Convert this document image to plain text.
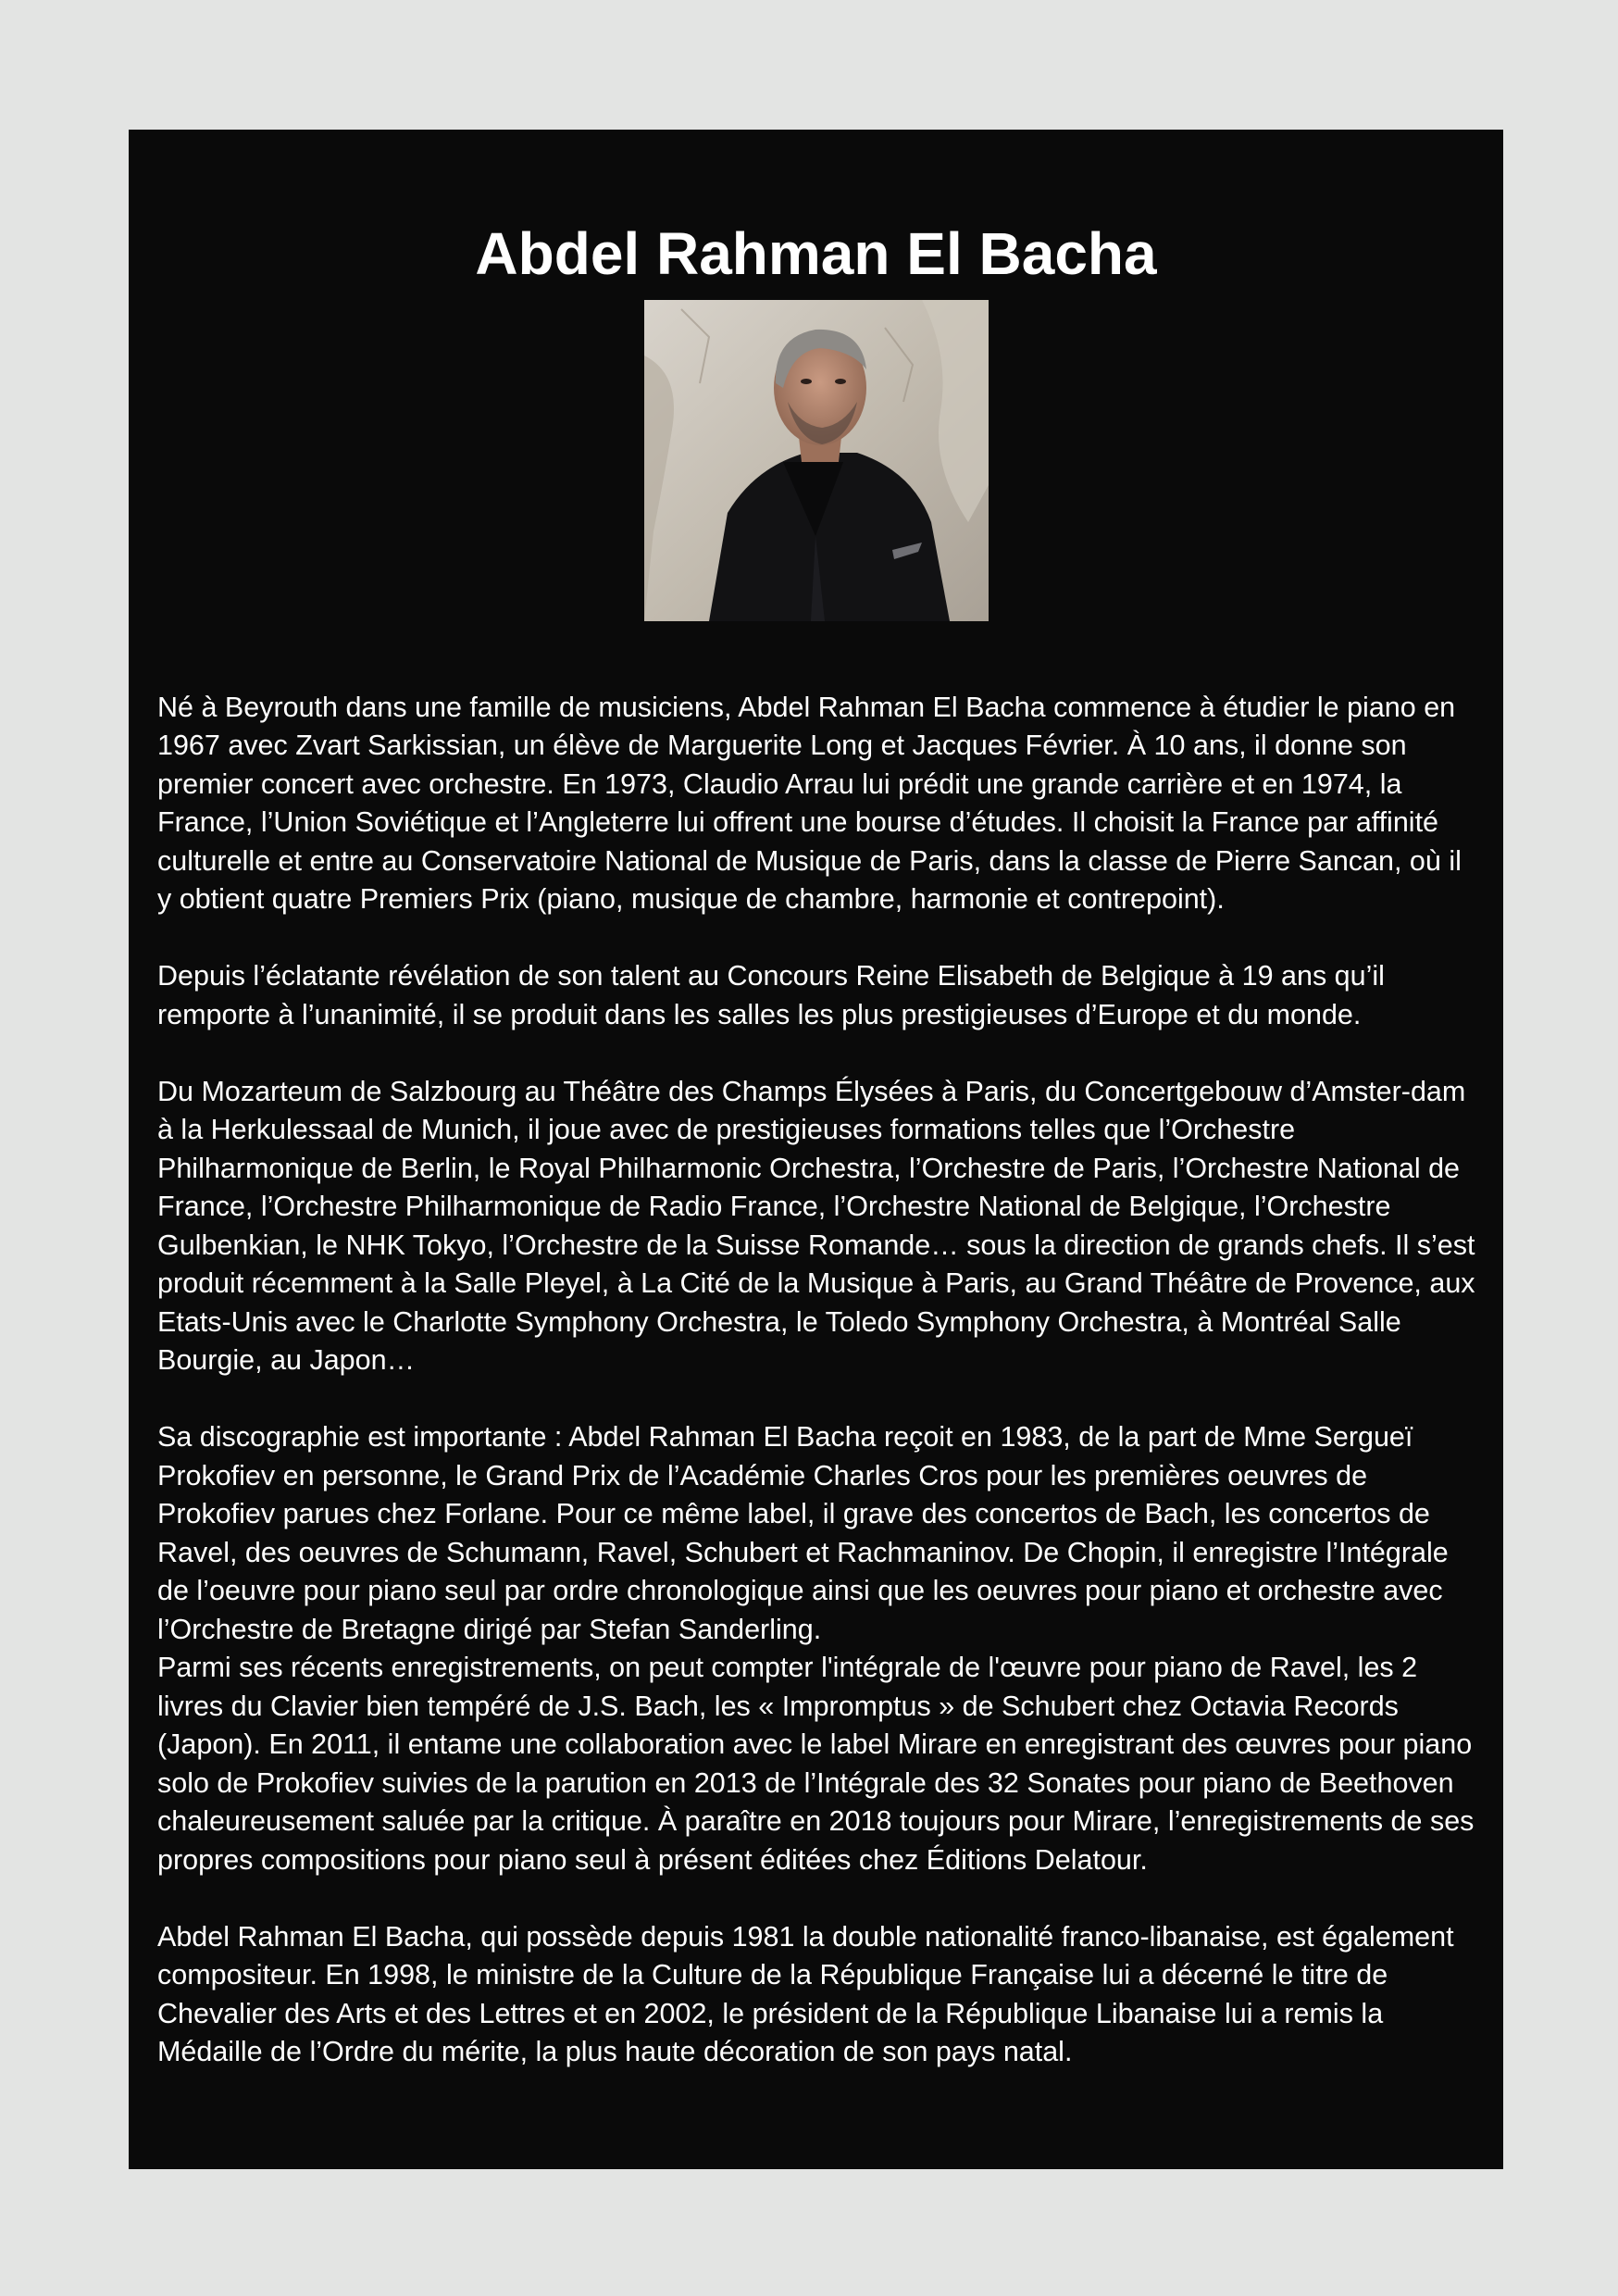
Abdel Rahman El Bacha

Né à Beyrouth dans une famille de musiciens, Abdel Rahman El Bacha commence à étudier le piano en 1967 avec Zvart Sarkissian, un élève de Marguerite Long et Jacques Février. À 10 ans, il donne son premier concert avec orchestre. En 1973, Claudio Arrau lui prédit une grande carrière et en 1974, la France, l’Union Soviétique et l’Angleterre lui offrent une bourse d’études. Il choisit la France par affinité culturelle et entre au Conservatoire National de Musique de Paris, dans la classe de Pierre Sancan, où il y obtient quatre Premiers Prix (piano, musique de chambre, harmonie et contrepoint).

Depuis l’éclatante révélation de son talent au Concours Reine Elisabeth de Belgique à 19 ans qu’il remporte à l’unanimité, il se produit dans les salles les plus prestigieuses d’Europe et du monde.

Du Mozarteum de Salzbourg au Théâtre des Champs Élysées à Paris, du Concertgebouw d’Amster-dam à la Herkulessaal de Munich, il joue avec de prestigieuses formations telles que l’Orchestre Philharmonique de Berlin, le Royal Philharmonic Orchestra, l’Orchestre de Paris, l’Orchestre National de France, l’Orchestre Philharmonique de Radio France, l’Orchestre National de Belgique, l’Orchestre Gulbenkian, le NHK Tokyo, l’Orchestre de la Suisse Romande… sous la direction de grands chefs. Il s’est produit récemment à la Salle Pleyel, à La Cité de la Musique à Paris, au Grand Théâtre de Provence, aux Etats-Unis avec le Charlotte Symphony Orchestra, le Toledo Symphony Orchestra, à Montréal Salle Bourgie, au Japon…

Sa discographie est importante : Abdel Rahman El Bacha reçoit en 1983, de la part de Mme Sergueï Prokofiev en personne, le Grand Prix de l’Académie Charles Cros pour les premières oeuvres de Prokofiev parues chez Forlane. Pour ce même label, il grave des concertos de Bach, les concertos de Ravel, des oeuvres de Schumann, Ravel, Schubert et Rachmaninov. De Chopin, il enregistre l’Intégrale de l’oeuvre pour piano seul par ordre chronologique ainsi que les oeuvres pour piano et orchestre avec l’Orchestre de Bretagne dirigé par Stefan Sanderling.
Parmi ses récents enregistrements, on peut compter l'intégrale de l'œuvre pour piano de Ravel, les 2 livres du Clavier bien tempéré de J.S. Bach, les « Impromptus » de Schubert chez Octavia Records (Japon). En 2011, il entame une collaboration avec le label Mirare en enregistrant des œuvres pour piano solo de Prokofiev suivies de la parution en 2013 de l’Intégrale des 32 Sonates pour piano de Beethoven chaleureusement saluée par la critique. À paraître en 2018 toujours pour Mirare, l’enregistrements de ses propres compositions pour piano seul à présent éditées chez Éditions Delatour.

Abdel Rahman El Bacha, qui possède depuis 1981 la double nationalité franco-libanaise, est également compositeur. En 1998, le ministre de la Culture de la République Française lui a décerné le titre de Chevalier des Arts et des Lettres et en 2002, le président de la République Libanaise lui a remis la Médaille de l’Ordre du mérite, la plus haute décoration de son pays natal.
